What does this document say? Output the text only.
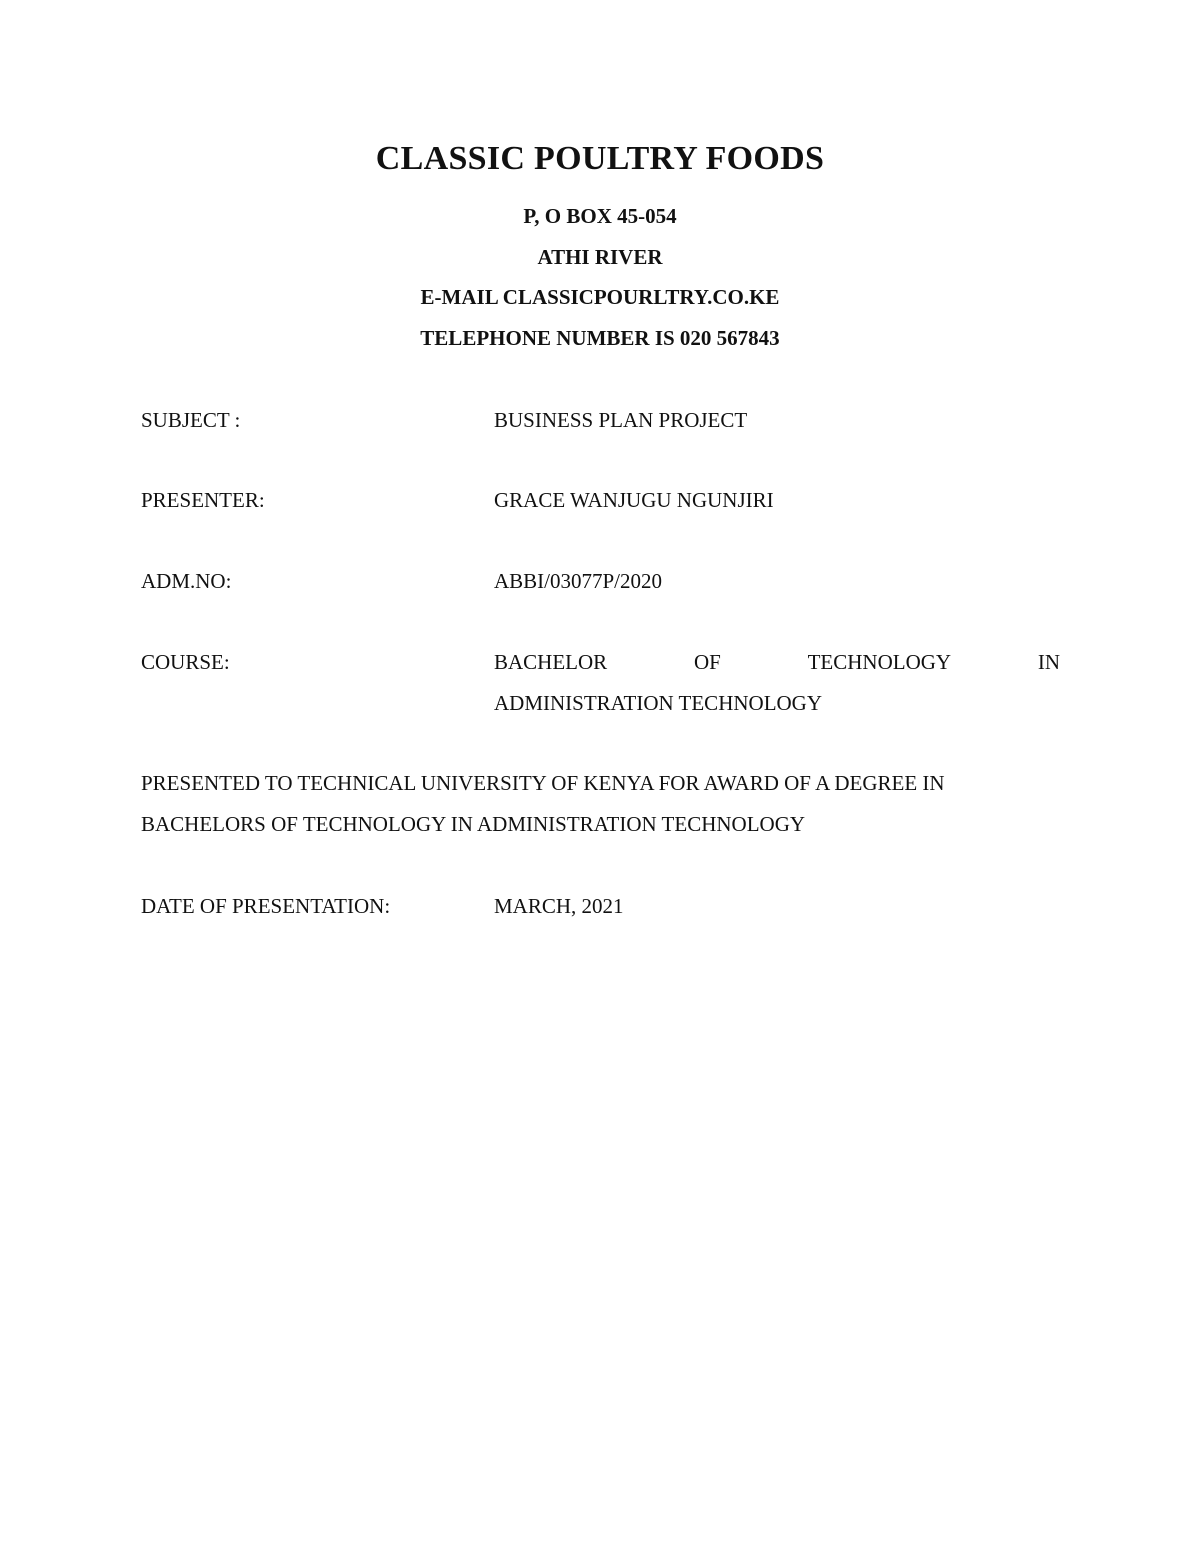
CLASSIC POULTRY FOODS
P, O BOX 45-054
ATHI RIVER
E-MAIL CLASSICPOURLTRY.CO.KE
TELEPHONE NUMBER IS 020 567843
SUBJECT :	BUSINESS PLAN PROJECT
PRESENTER:	GRACE WANJUGU NGUNJIRI
ADM.NO:	ABBI/03077P/2020
COURSE:	BACHELOR	OF	TECHNOLOGY	IN
ADMINISTRATION TECHNOLOGY
PRESENTED TO TECHNICAL UNIVERSITY OF KENYA FOR AWARD OF A DEGREE IN
BACHELORS OF TECHNOLOGY IN ADMINISTRATION TECHNOLOGY
DATE OF PRESENTATION:	MARCH, 2021
